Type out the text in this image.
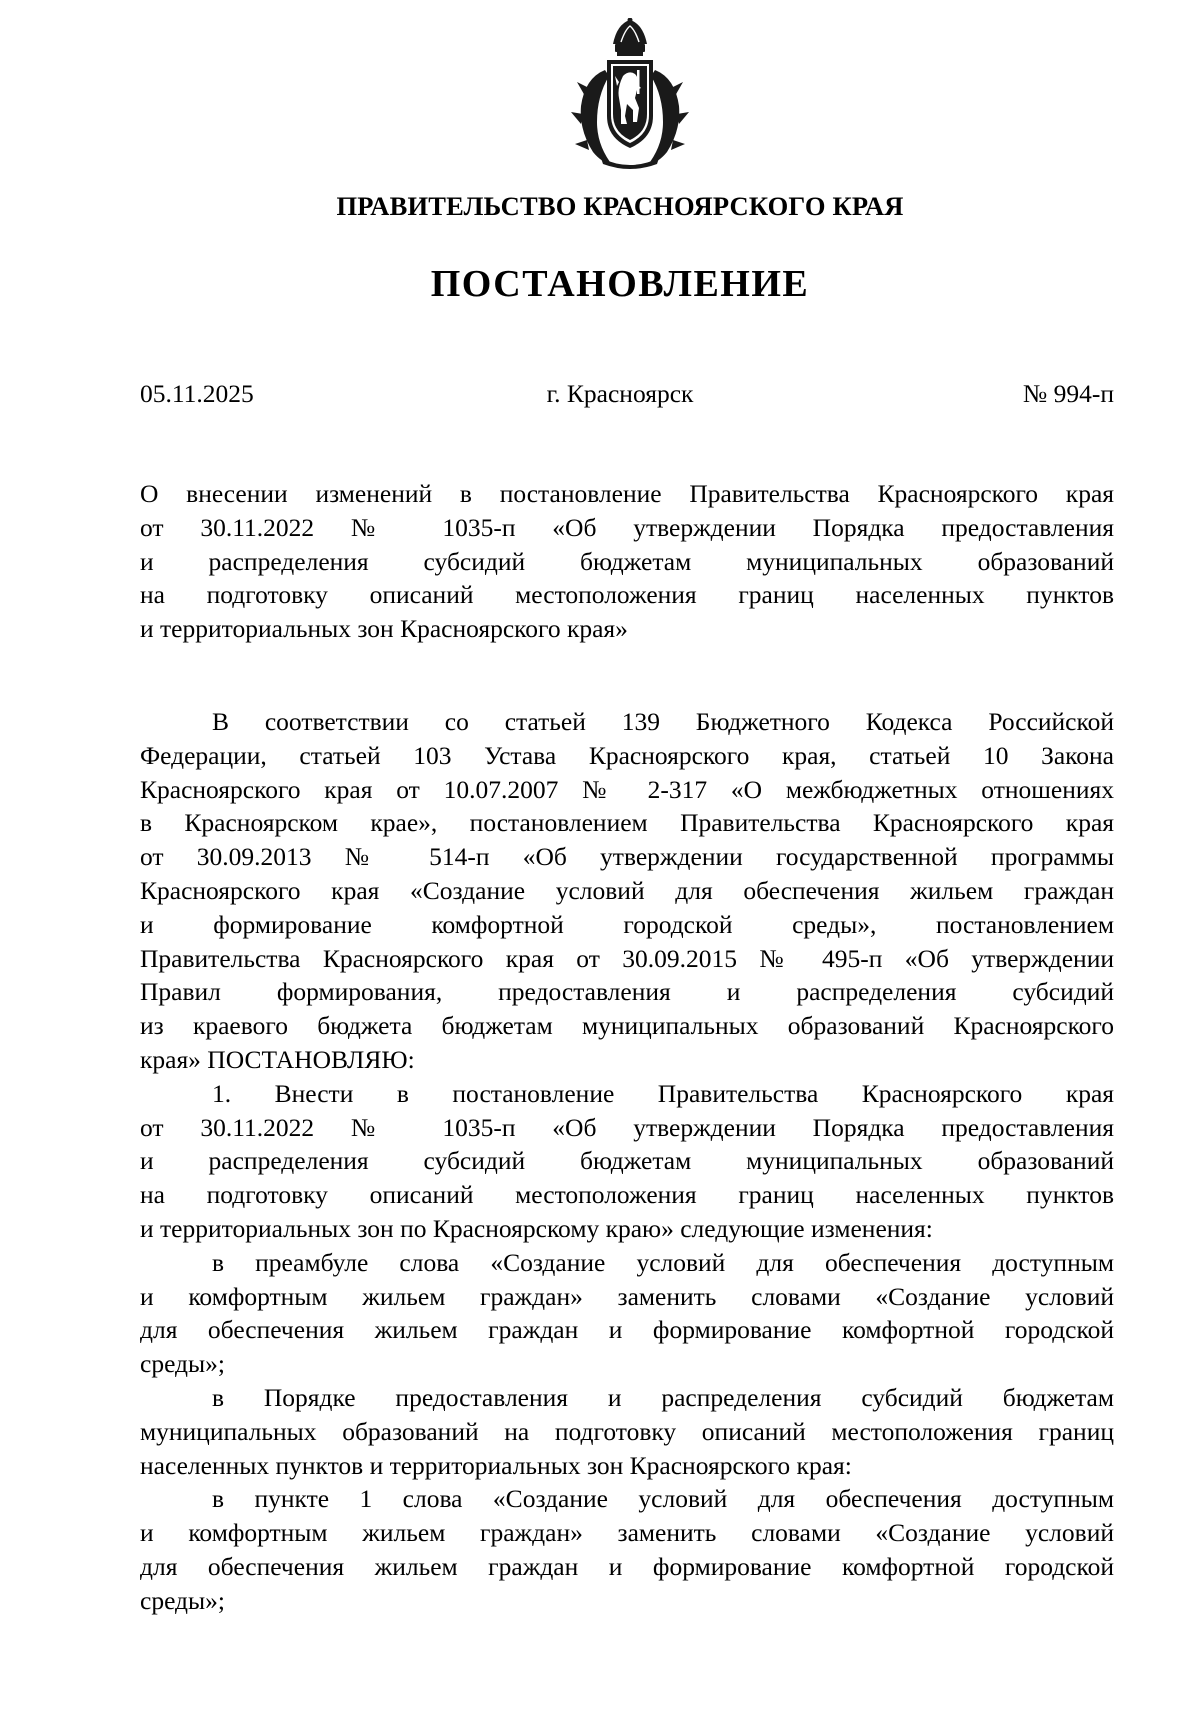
ПРАВИТЕЛЬСТВО КРАСНОЯРСКОГО КРАЯ
ПОСТАНОВЛЕНИЕ
05.11.2025	г. Красноярск	№ 994-п
О внесении изменений в постановление Правительства Красноярского края
от 30.11.2022 № 1035-п «Об утверждении Порядка предоставления
и распределения субсидий бюджетам муниципальных образований
на подготовку описаний местоположения границ населенных пунктов
и территориальных зон Красноярского края»
В соответствии со статьей 139 Бюджетного Кодекса Российской
Федерации, статьей 103 Устава Красноярского края, статьей 10 Закона
Красноярского края от 10.07.2007 № 2-317 «О межбюджетных отношениях
в Красноярском крае», постановлением Правительства Красноярского края
от 30.09.2013 № 514-п «Об утверждении государственной программы
Красноярского края «Создание условий для обеспечения жильем граждан
и формирование комфортной городской среды», постановлением
Правительства Красноярского края от 30.09.2015 № 495-п «Об утверждении
Правил формирования, предоставления и распределения субсидий
из краевого бюджета бюджетам муниципальных образований Красноярского
края» ПОСТАНОВЛЯЮ:
1. Внести в постановление Правительства Красноярского края
от 30.11.2022 № 1035-п «Об утверждении Порядка предоставления
и распределения субсидий бюджетам муниципальных образований
на подготовку описаний местоположения границ населенных пунктов
и территориальных зон по Красноярскому краю» следующие изменения:
в преамбуле слова «Создание условий для обеспечения доступным
и комфортным жильем граждан» заменить словами «Создание условий
для обеспечения жильем граждан и формирование комфортной городской
среды»;
в Порядке предоставления и распределения субсидий бюджетам
муниципальных образований на подготовку описаний местоположения границ
населенных пунктов и территориальных зон Красноярского края:
в пункте 1 слова «Создание условий для обеспечения доступным
и комфортным жильем граждан» заменить словами «Создание условий
для обеспечения жильем граждан и формирование комфортной городской
среды»;
